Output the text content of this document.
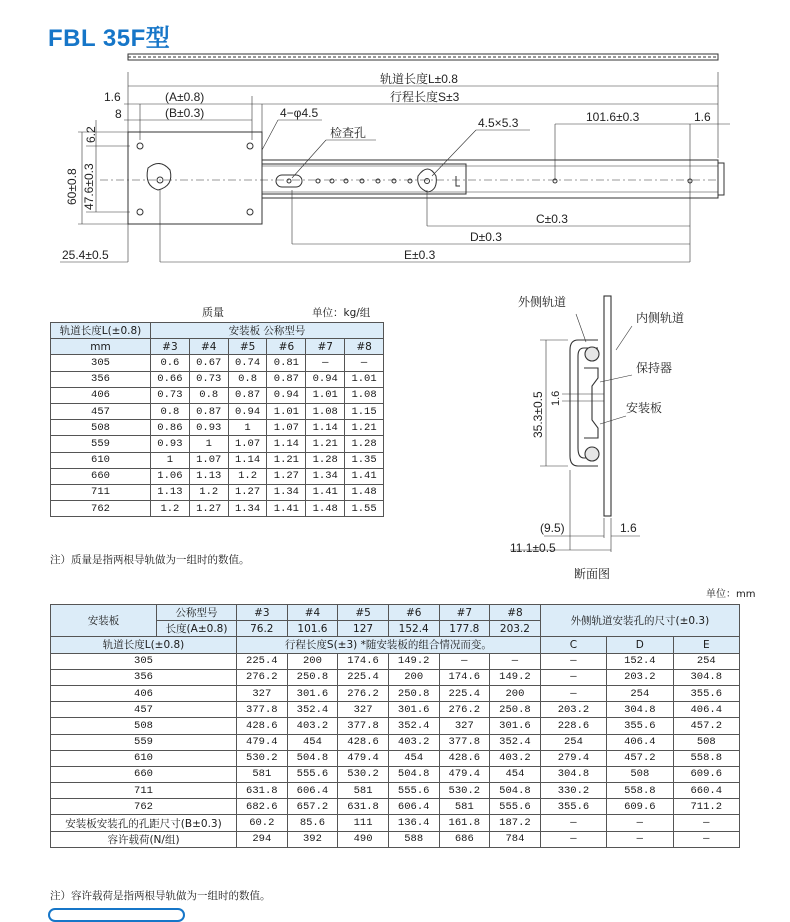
FBL 35F型
轨道长度L±0.8
行程长度S±3
1.6
8
(A±0.8)
(B±0.3)	4−φ4.5
检查孔
4.5×5.3	101.6±0.3	1.6
6.2
60±0.8 47.6±0.3
C±0.3
D±0.3
E±0.3
25.4±0.5
外侧轨道
内侧轨道
保持器
安装板
35.3±0.5 1.6
(9.5)
11.1±0.5
1.6
断面图
质量	单位：kg/组
轨道长度L(±0.8)	安装板 公称型号					
mm	#3	#4	#5	#6	#7	#8
305	0.6	0.67	0.74	0.81	—	—
356	0.66	0.73	0.8	0.87	0.94	1.01
406	0.73	0.8	0.87	0.94	1.01	1.08
457	0.8	0.87	0.94	1.01	1.08	1.15
508	0.86	0.93	1	1.07	1.14	1.21
559	0.93	1	1.07	1.14	1.21	1.28
610	1	1.07	1.14	1.21	1.28	1.35
660	1.06	1.13	1.2	1.27	1.34	1.41
711	1.13	1.2	1.27	1.34	1.41	1.48
762	1.2	1.27	1.34	1.41	1.48	1.55
注）质量是指两根导轨做为一组时的数值。
单位：mm
安装板	公称型号	#3	#4	#5	#6	#7	#8	外侧轨道安装孔的尺寸(±0.3)		
	长度(A±0.8)	76.2	101.6	127	152.4	177.8	203.2			
轨道长度L(±0.8)		行程长度S(±3) *随安装板的组合情况而变。						C	D	E
305		225.4	200	174.6	149.2	—	—	—	152.4	254
356		276.2	250.8	225.4	200	174.6	149.2	—	203.2	304.8
406		327	301.6	276.2	250.8	225.4	200	—	254	355.6
457		377.8	352.4	327	301.6	276.2	250.8	203.2	304.8	406.4
508		428.6	403.2	377.8	352.4	327	301.6	228.6	355.6	457.2
559		479.4	454	428.6	403.2	377.8	352.4	254	406.4	508
610		530.2	504.8	479.4	454	428.6	403.2	279.4	457.2	558.8
660		581	555.6	530.2	504.8	479.4	454	304.8	508	609.6
711		631.8	606.4	581	555.6	530.2	504.8	330.2	558.8	660.4
762		682.6	657.2	631.8	606.4	581	555.6	355.6	609.6	711.2
安装板安装孔的孔距尺寸(B±0.3)		60.2	85.6	111	136.4	161.8	187.2	—	—	—
容许载荷(N/组)		294	392	490	588	686	784	—	—	—
注）容许载荷是指两根导轨做为一组时的数值。
